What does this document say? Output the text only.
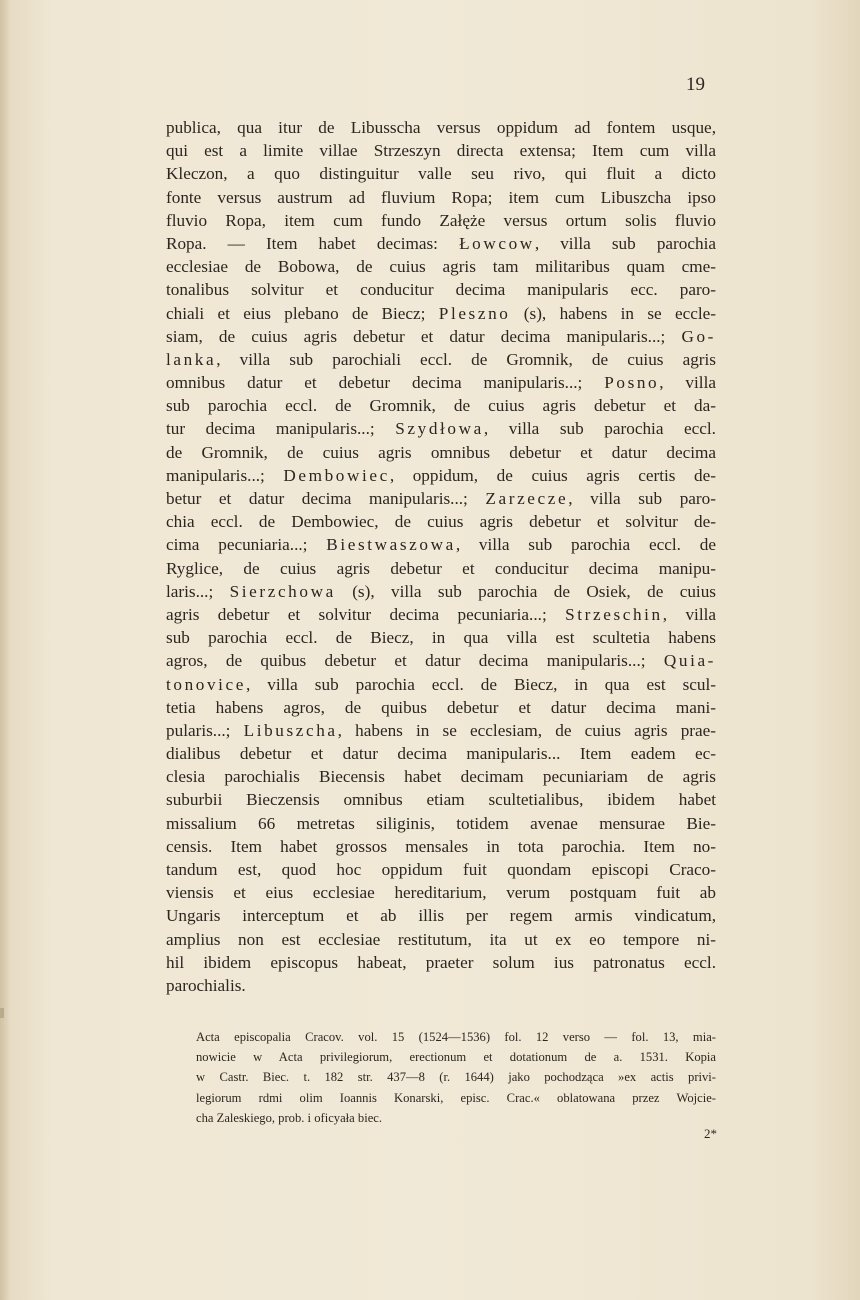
19
publica, qua itur de Libusscha versus oppidum ad fontem usque,
qui est a limite villae Strzeszyn directa extensa; Item cum villa
Kleczon, a quo distinguitur valle seu rivo, qui fluit a dicto
fonte versus austrum ad fluvium Ropa; item cum Libuszcha ipso
fluvio Ropa, item cum fundo Załęże versus ortum solis fluvio
Ropa. — Item habet decimas: Łowcow, villa sub parochia
ecclesiae de Bobowa, de cuius agris tam militaribus quam cme-
tonalibus solvitur et conducitur decima manipularis ecc. paro-
chiali et eius plebano de Biecz; Pleszno (s), habens in se eccle-
siam, de cuius agris debetur et datur decima manipularis...; Go-
lanka, villa sub parochiali eccl. de Gromnik, de cuius agris
omnibus datur et debetur decima manipularis...; Posno, villa
sub parochia eccl. de Gromnik, de cuius agris debetur et da-
tur decima manipularis...; Szydłowa, villa sub parochia eccl.
de Gromnik, de cuius agris omnibus debetur et datur decima
manipularis...; Dembowiec, oppidum, de cuius agris certis de-
betur et datur decima manipularis...; Zarzecze, villa sub paro-
chia eccl. de Dembowiec, de cuius agris debetur et solvitur de-
cima pecuniaria...; Biestwaszowa, villa sub parochia eccl. de
Ryglice, de cuius agris debetur et conducitur decima manipu-
laris...; Sierzchowa (s), villa sub parochia de Osiek, de cuius
agris debetur et solvitur decima pecuniaria...; Strzeschin, villa
sub parochia eccl. de Biecz, in qua villa est scultetia habens
agros, de quibus debetur et datur decima manipularis...; Quia-
tonovice, villa sub parochia eccl. de Biecz, in qua est scul-
tetia habens agros, de quibus debetur et datur decima mani-
pularis...; Libuszcha, habens in se ecclesiam, de cuius agris prae-
dialibus debetur et datur decima manipularis... Item eadem ec-
clesia parochialis Biecensis habet decimam pecuniariam de agris
suburbii Bieczensis omnibus etiam scultetialibus, ibidem habet
missalium 66 metretas siliginis, totidem avenae mensurae Bie-
censis. Item habet grossos mensales in tota parochia. Item no-
tandum est, quod hoc oppidum fuit quondam episcopi Craco-
viensis et eius ecclesiae hereditarium, verum postquam fuit ab
Ungaris interceptum et ab illis per regem armis vindicatum,
amplius non est ecclesiae restitutum, ita ut ex eo tempore ni-
hil ibidem episcopus habeat, praeter solum ius patronatus eccl.
parochialis.
Acta episcopalia Cracov. vol. 15 (1524—1536) fol. 12 verso — fol. 13, mia-
nowicie w Acta privilegiorum, erectionum et dotationum de a. 1531. Kopia
w Castr. Biec. t. 182 str. 437—8 (r. 1644) jako pochodząca »ex actis privi-
legiorum rdmi olim Ioannis Konarski, episc. Crac.« oblatowana przez Wojcie-
cha Zaleskiego, prob. i oficyała biec.
2*
